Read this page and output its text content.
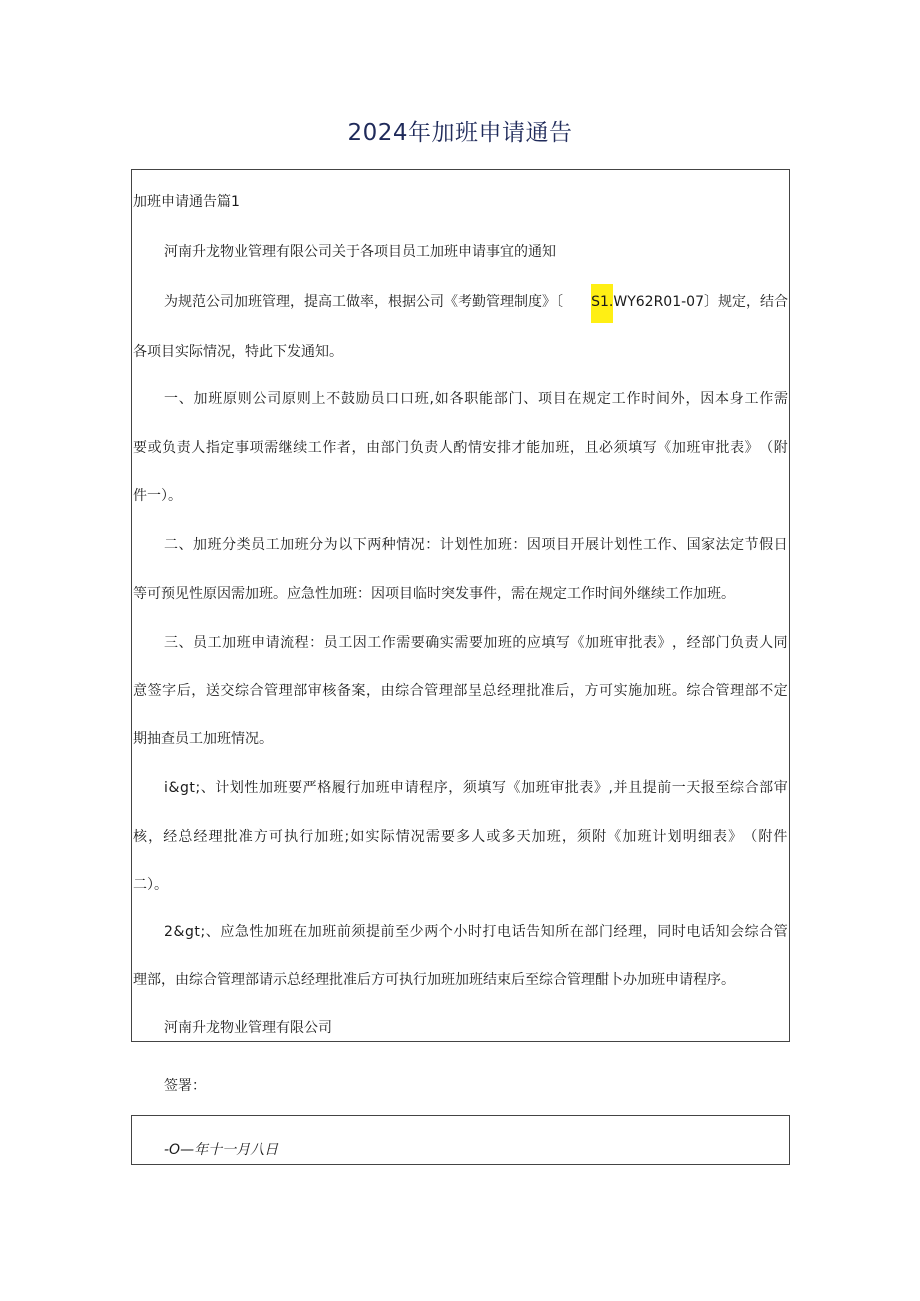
2024年加班申请通告
加班申请通告篇1
河南升龙物业管理有限公司关于各项目员工加班申请事宜的通知
为规范公司加班管理，提高工做率，根据公司《考勤管理制度》〔 S1.WY62R01-07〕规定，结合
各项目实际情况，特此下发通知。
一 、 加 班 原 则 公 司 原 则 上 不 鼓 励 员 口 口 班 , 如 各 职 能 部 门 、 项 目 在 规 定 工 作 时 间 外 ， 因 本 身 工 作 需
要 或 负 责 人 指 定 事 项 需 继 续 工 作 者 ， 由 部 门 负 责 人 酌 情 安 排 才 能 加 班 ， 且 必 须 填 写 《 加 班 审 批 表 》 （ 附
件一）。
二 、 加 班 分 类 员 工 加 班 分 为 以 下 两 种 情 况 ： 计 划 性 加 班 ： 因 项 目 开 展 计 划 性 工 作 、 国 家 法 定 节 假 日
等可预见性原因需加班。应急性加班：因项目临时突发事件，需在规定工作时间外继续工作加班。
三 、 员 工 加 班 申 请 流 程 ： 员 工 因 工 作 需 要 确 实 需 要 加 班 的 应 填 写 《 加 班 审 批 表 》 ， 经 部 门 负 责 人 同
意 签 字 后 ， 送 交 综 合 管 理 部 审 核 备 案 ， 由 综 合 管 理 部 呈 总 经 理 批 准 后 ， 方 可 实 施 加 班 。 综 合 管 理 部 不 定
期抽查员工加班情况。
i & g t ; 、 计 划 性 加 班 要 严 格 履 行 加 班 申 请 程 序 ， 须 填 写 《 加 班 审 批 表 》 , 并 且 提 前 一 天 报 至 综 合 部 审
核 ， 经 总 经 理 批 准 方 可 执 行 加 班 ; 如 实 际 情 况 需 要 多 人 或 多 天 加 班 ， 须 附 《 加 班 计 划 明 细 表 》 （ 附 件
二）。
2 & g t ; 、 应 急 性 加 班 在 加 班 前 须 提 前 至 少 两 个 小 时 打 电 话 告 知 所 在 部 门 经 理 ， 同 时 电 话 知 会 综 合 管
理部，由综合管理部请示总经理批准后方可执行加班加班结束后至综合管理酣卜办加班申请程序。
河南升龙物业管理有限公司
签署：
-O—年十一月八日
